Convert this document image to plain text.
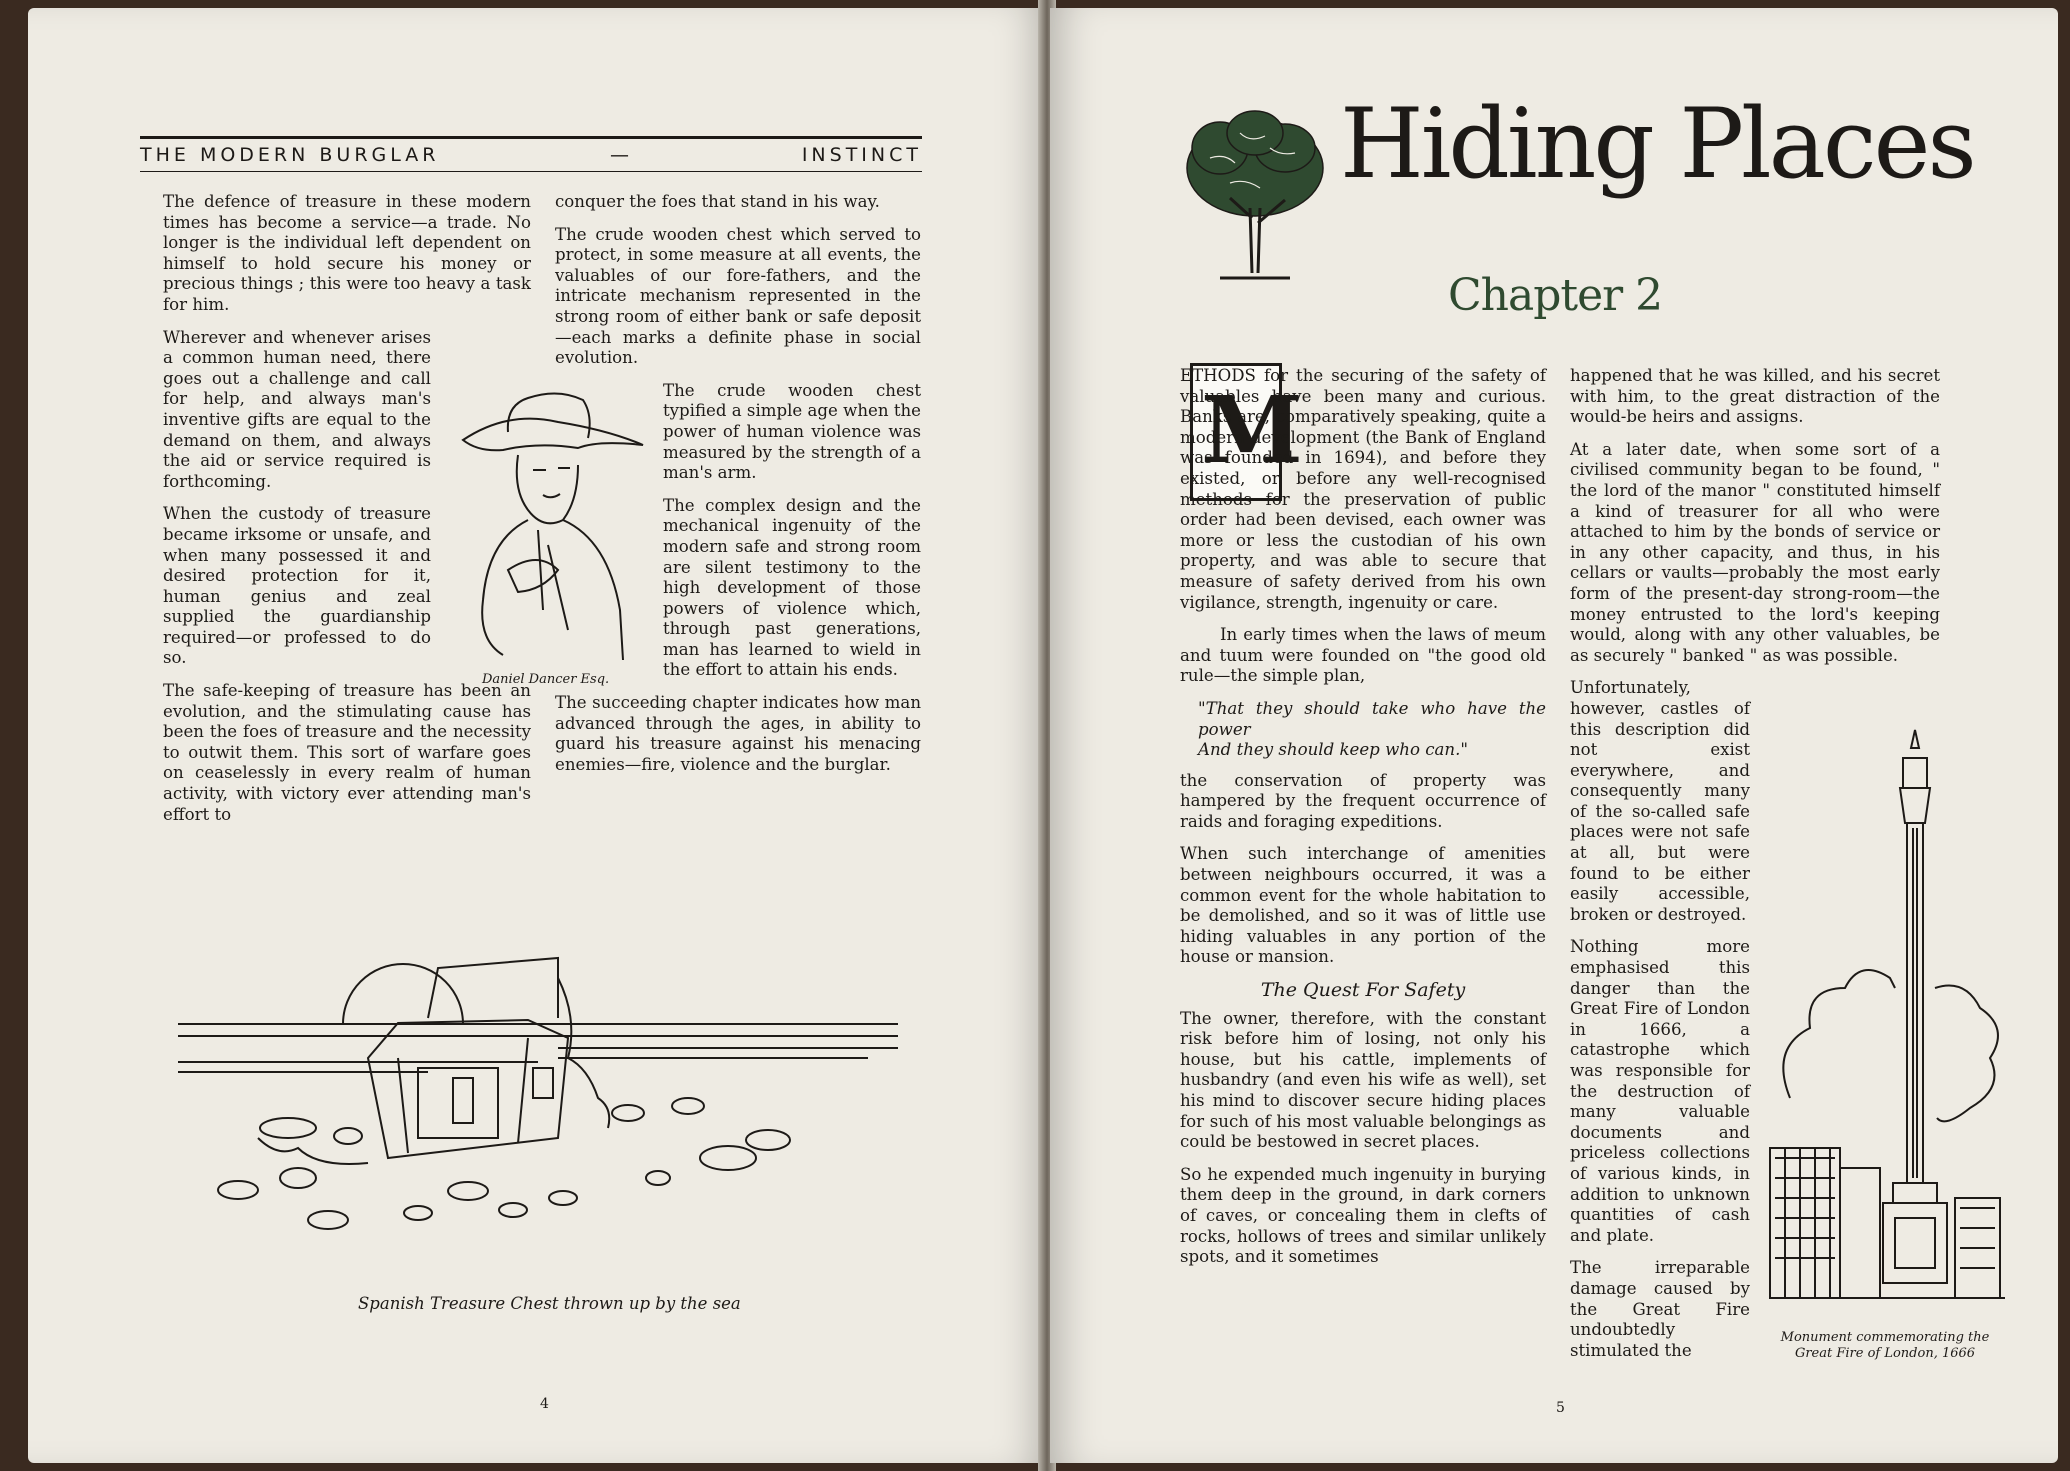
THE MODERN BURGLAR	—	INSTINCT

The defence of treasure in these modern times has become a service—a trade. No longer is the individual left dependent on himself to hold secure his money or precious things ; this were too heavy a task for him.

Wherever and whenever arises a common human need, there goes out a challenge and call for help, and always man's inventive gifts are equal to the demand on them, and always the aid or service required is forthcoming.

When the custody of treasure became irksome or unsafe, and when many possessed it and desired protection for it, human genius and zeal supplied the guardianship required—or professed to do so.

The safe-keeping of treasure has been an evolution, and the stimulating cause has been the foes of treasure and the necessity to outwit them. This sort of warfare goes on ceaselessly in every realm of human activity, with victory ever attending man's effort to

conquer the foes that stand in his way.

The crude wooden chest which served to protect, in some measure at all events, the valuables of our fore-fathers, and the intricate mechanism represented in the strong room of either bank or safe deposit—each marks a definite phase in social evolution.

The crude wooden chest typified a simple age when the power of human violence was measured by the strength of a man's arm.

The complex design and the mechanical ingenuity of the modern safe and strong room are silent testimony to the high development of those powers of violence which, through past generations, man has learned to wield in the effort to attain his ends.

The succeeding chapter indicates how man advanced through the ages, in ability to guard his treasure against his menacing enemies—fire, violence and the burglar.

Daniel Dancer Esq.
Spanish Treasure Chest thrown up by the sea
4
Hiding Places
Chapter 2
M

ETHODS for the securing of the safety of valuables have been many and curious. Banks are, comparatively speaking, quite a modern development (the Bank of England was founded in 1694), and before they existed, or before any well-recognised methods for the preservation of public order had been devised, each owner was more or less the custodian of his own property, and was able to secure that measure of safety derived from his own vigilance, strength, ingenuity or care.

In early times when the laws of meum and tuum were founded on "the good old rule—the simple plan,

"That they should take who have the power
And they should keep who can."

the conservation of property was hampered by the frequent occurrence of raids and foraging expeditions.

When such interchange of amenities between neighbours occurred, it was a common event for the whole habitation to be demolished, and so it was of little use hiding valuables in any portion of the house or mansion.

The Quest For Safety

The owner, therefore, with the constant risk before him of losing, not only his house, but his cattle, implements of husbandry (and even his wife as well), set his mind to discover secure hiding places for such of his most valuable belongings as could be bestowed in secret places.

So he expended much ingenuity in burying them deep in the ground, in dark corners of caves, or concealing them in clefts of rocks, hollows of trees and similar unlikely spots, and it sometimes

happened that he was killed, and his secret with him, to the great distraction of the would-be heirs and assigns.

At a later date, when some sort of a civilised community began to be found, " the lord of the manor " constituted himself a kind of treasurer for all who were attached to him by the bonds of service or in any other capacity, and thus, in his cellars or vaults—probably the most early form of the present-day strong-room—the money entrusted to the lord's keeping would, along with any other valuables, be as securely " banked " as was possible.

Unfortunately, however, castles of this description did not exist everywhere, and consequently many of the so-called safe places were not safe at all, but were found to be either easily accessible, broken or destroyed.

Nothing more emphasised this danger than the Great Fire of London in 1666, a catastrophe which was responsible for the destruction of many valuable documents and priceless collections of various kinds, in addition to unknown quantities of cash and plate.

The irreparable damage caused by the Great Fire undoubtedly stimulated the

Monument commemorating the
Great Fire of London, 1666
5
